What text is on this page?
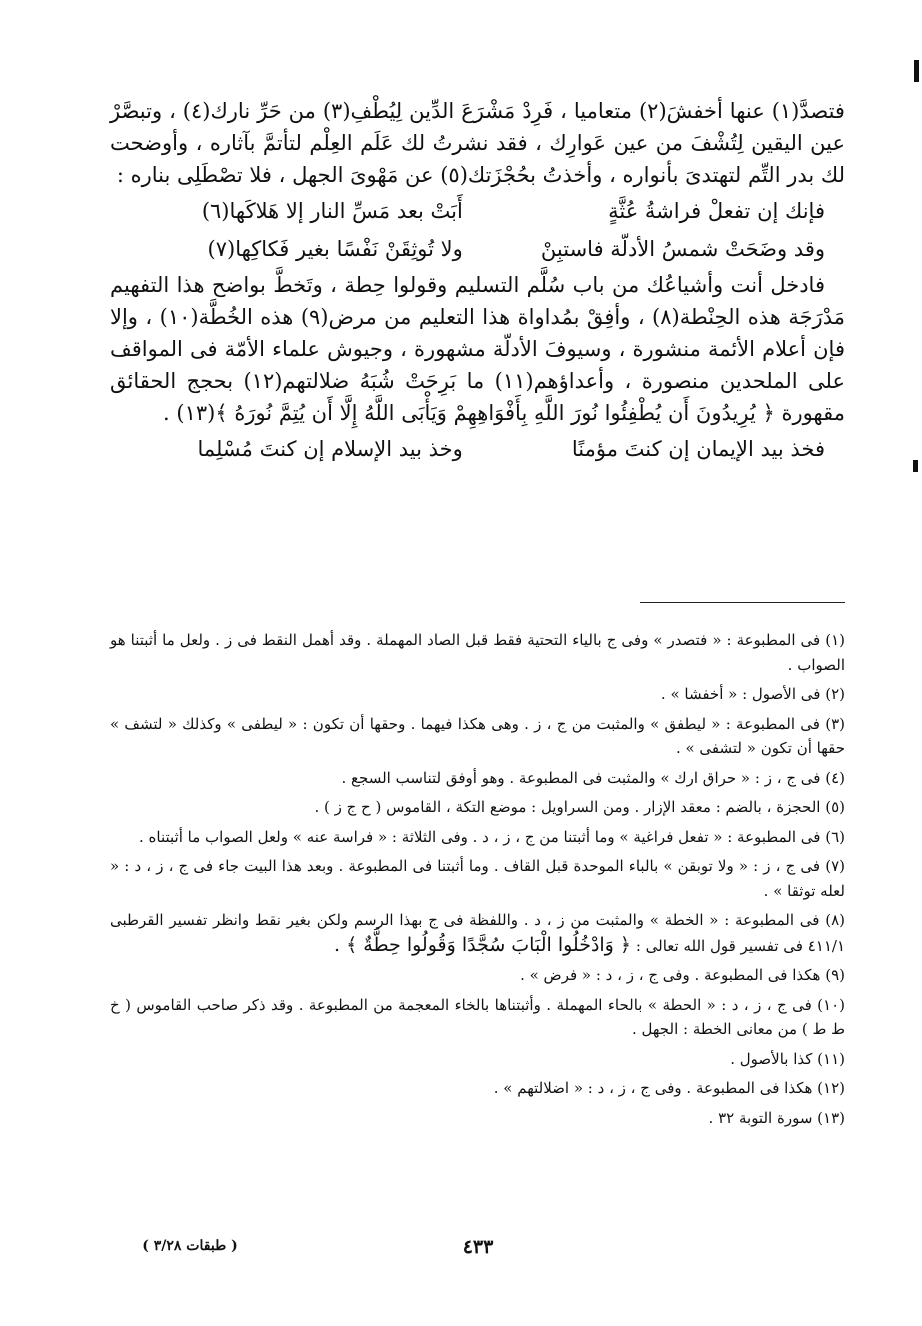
فتصدَّ(١) عنها أخفشَ(٢) متعاميا ، فَرِدْ مَشْرَعَ الدِّين لِيُطْفِ(٣) من حَرِّ نارك(٤) ، وتبصَّرْ عين اليقين لِتُشْفَ من عين عَوارِك ، فقد نشرتُ لك عَلَم العِلْم لتأتمَّ بآثاره ، وأوضحت لك بدر التِّم لتهتدىَ بأنواره ، وأخذتُ بحُجْزَتك(٥) عن مَهْوىَ الجهل ، فلا تصْطَلِى بناره :

فإنك إن تفعلْ فراشةُ عُثَّةٍ
أَبَتْ بعد مَسِّ النار إلا هَلاكَها(٦)
وقد وضَحَتْ شمسُ الأدلّة فاستبِنْ
ولا تُوثِقَنْ نَفْسًا بغير فَكاكِها(٧)

فادخل أنت وأشياعُك من باب سُلَّم التسليم وقولوا حِطة ، وتَخطَّ بواضح هذا التفهيم مَدْرَجَة هذه الحِنْطة(٨) ، وأفِقْ بمُداواة هذا التعليم من مرض(٩) هذه الخُطَّة(١٠) ، وإلا فإن أعلام الأئمة منشورة ، وسيوفَ الأدلّة مشهورة ، وجيوش علماء الأمّة فى المواقف على الملحدين منصورة ، وأعداؤهم(١١) ما بَرِحَتْ شُبَهُ ضلالتهم(١٢) بحجج الحقائق مقهورة ﴿ يُرِيدُونَ أَن يُطْفِئُوا نُورَ اللَّهِ بِأَفْوَاهِهِمْ وَيَأْبَى اللَّهُ إِلَّا أَن يُتِمَّ نُورَهُ ﴾(١٣) .

فخذ بيد الإيمان إن كنتَ مؤمنًا
وخذ بيد الإسلام إن كنتَ مُسْلِما
(١) فى المطبوعة : « فتصدر » وفى ج بالياء التحتية فقط قبل الصاد المهملة . وقد أهمل النقط فى ز . ولعل ما أثبتنا هو الصواب .
(٢) فى الأصول : « أخفشا » .
(٣) فى المطبوعة : « ليطفق » والمثبت من ج ، ز . وهى هكذا فيهما . وحقها أن تكون : « ليطفى » وكذلك « لتشف » حقها أن تكون « لتشفى » .
(٤) فى ج ، ز : « حراق ارك » والمثبت فى المطبوعة . وهو أوفق لتناسب السجع .
(٥) الحجزة ، بالضم : معقد الإزار . ومن السراويل : موضع التكة ، القاموس ( ح ج ز ) .
(٦) فى المطبوعة : « تفعل فراغية » وما أثبتنا من ج ، ز ، د . وفى الثلاثة : « فراسة عنه » ولعل الصواب ما أثبتناه .
(٧) فى ج ، ز : « ولا توبقن » بالباء الموحدة قبل القاف . وما أثبتنا فى المطبوعة . وبعد هذا البيت جاء فى ج ، ز ، د : « لعله توثقا » .
(٨) فى المطبوعة : « الخطة » والمثبت من ز ، د . واللفظة فى ج بهذا الرسم ولكن بغير نقط وانظر تفسير القرطبى ٤١١/١ فى تفسير قول الله تعالى : ﴿ وَادْخُلُوا الْبَابَ سُجَّدًا وَقُولُوا حِطَّةٌ ﴾ .
(٩) هكذا فى المطبوعة . وفى ج ، ز ، د : « فرض » .
(١٠) فى ج ، ز ، د : « الحطة » بالحاء المهملة . وأثبتناها بالخاء المعجمة من المطبوعة . وقد ذكر صاحب القاموس ( خ ط ط ) من معانى الخطة : الجهل .
(١١) كذا بالأصول .
(١٢) هكذا فى المطبوعة . وفى ج ، ز ، د : « اضلالتهم » .
(١٣) سورة التوبة ٣٢ .
٤٣٣
( طبقات ٣/٢٨ )
